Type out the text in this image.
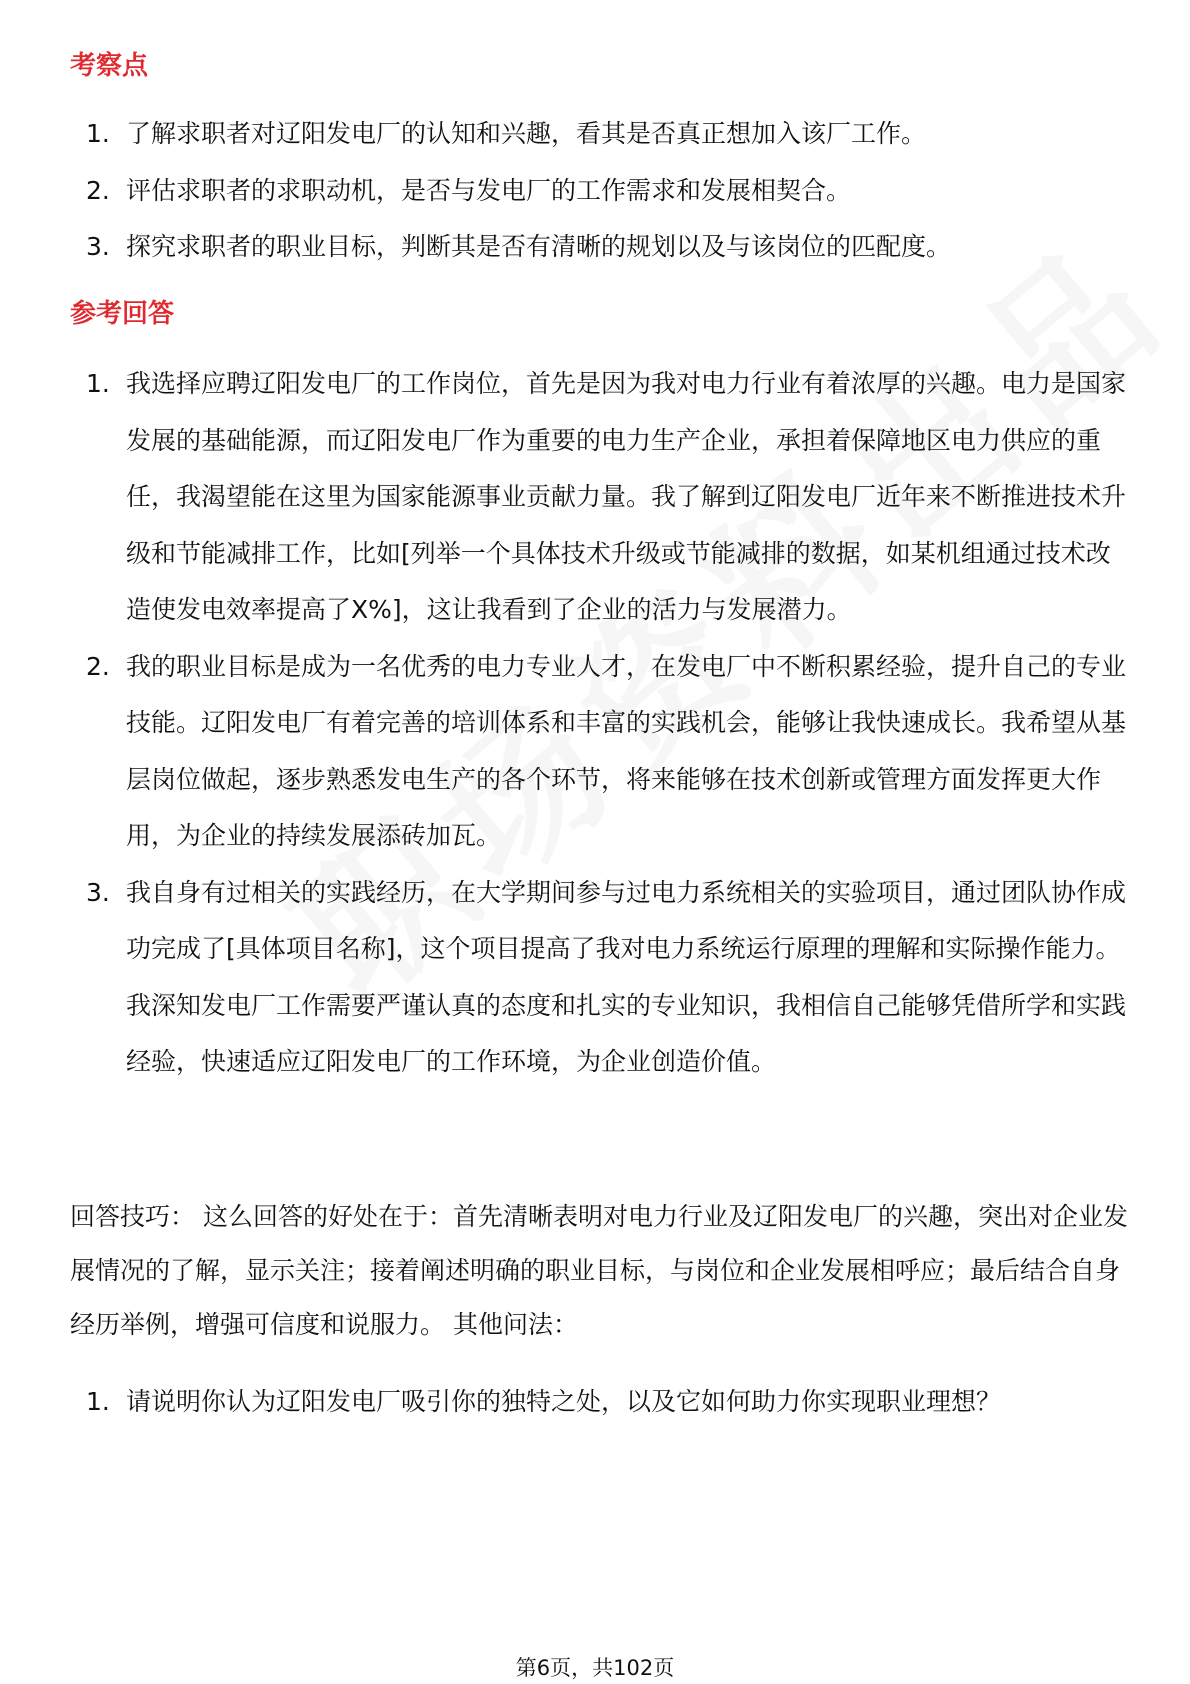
考察点
1. 了解求职者对辽阳发电厂的认知和兴趣，看其是否真正想加入该厂工作。
2. 评估求职者的求职动机，是否与发电厂的工作需求和发展相契合。
3. 探究求职者的职业目标，判断其是否有清晰的规划以及与该岗位的匹配度。
参考回答
1. 我选择应聘辽阳发电厂的工作岗位，首先是因为我对电力行业有着浓厚的兴趣。电力是国家发展的基础能源，而辽阳发电厂作为重要的电力生产企业，承担着保障地区电力供应的重任，我渴望能在这里为国家能源事业贡献力量。我了解到辽阳发电厂近年来不断推进技术升级和节能减排工作，比如[列举一个具体技术升级或节能减排的数据，如某机组通过技术改造使发电效率提高了X%]，这让我看到了企业的活力与发展潜力。
2. 我的职业目标是成为一名优秀的电力专业人才，在发电厂中不断积累经验，提升自己的专业技能。辽阳发电厂有着完善的培训体系和丰富的实践机会，能够让我快速成长。我希望从基层岗位做起，逐步熟悉发电生产的各个环节，将来能够在技术创新或管理方面发挥更大作用，为企业的持续发展添砖加瓦。
3. 我自身有过相关的实践经历，在大学期间参与过电力系统相关的实验项目，通过团队协作成功完成了[具体项目名称]，这个项目提高了我对电力系统运行原理的理解和实际操作能力。我深知发电厂工作需要严谨认真的态度和扎实的专业知识，我相信自己能够凭借所学和实践经验，快速适应辽阳发电厂的工作环境，为企业创造价值。

回答技巧： 这么回答的好处在于：首先清晰表明对电力行业及辽阳发电厂的兴趣，突出对企业发展情况的了解，显示关注；接着阐述明确的职业目标，与岗位和企业发展相呼应；最后结合自身经历举例，增强可信度和说服力。 其他问法：

1. 请说明你认为辽阳发电厂吸引你的独特之处，以及它如何助力你实现职业理想？
第6页，共102页
